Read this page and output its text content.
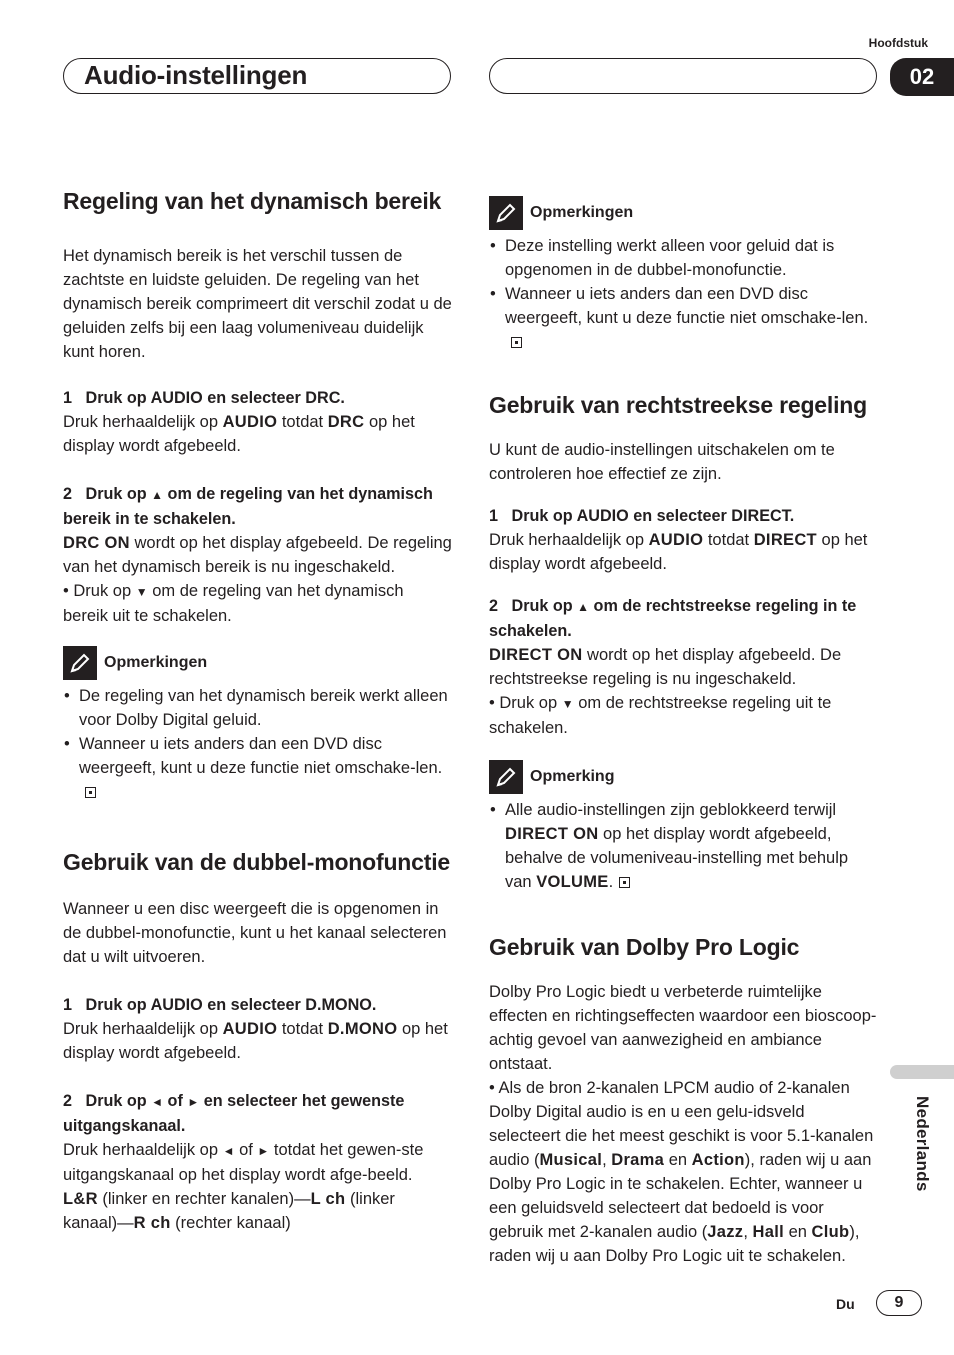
Hoofdstuk
Audio-instellingen	02
Regeling van het dynamisch bereik

Het dynamisch bereik is het verschil tussen de zachtste en luidste geluiden. De regeling van het dynamisch bereik comprimeert dit verschil zodat u de geluiden zelfs bij een laag volumeniveau duidelijk kunt horen.

1 Druk op AUDIO en selecteer DRC.

Druk herhaaldelijk op AUDIO totdat DRC op het display wordt afgebeeld.

2 Druk op ▲ om de regeling van het dynamisch bereik in te schakelen.

DRC ON wordt op het display afgebeeld. De regeling van het dynamisch bereik is nu ingeschakeld.

• Druk op ▼ om de regeling van het dynamisch bereik uit te schakelen.

Opmerkingen
• De regeling van het dynamisch bereik werkt alleen voor Dolby Digital geluid.
• Wanneer u iets anders dan een DVD disc weergeeft, kunt u deze functie niet omschake-len.
Gebruik van de dubbel-monofunctie

Wanneer u een disc weergeeft die is opgenomen in de dubbel-monofunctie, kunt u het kanaal selecteren dat u wilt uitvoeren.

1 Druk op AUDIO en selecteer D.MONO.

Druk herhaaldelijk op AUDIO totdat D.MONO op het display wordt afgebeeld.

2 Druk op ◄ of ► en selecteer het gewenste uitgangskanaal.

Druk herhaaldelijk op ◄ of ► totdat het gewen-ste uitgangskanaal op het display wordt afge-beeld.

L&R (linker en rechter kanalen)—L ch (linker kanaal)—R ch (rechter kanaal)

Opmerkingen
• Deze instelling werkt alleen voor geluid dat is opgenomen in de dubbel-monofunctie.
• Wanneer u iets anders dan een DVD disc weergeeft, kunt u deze functie niet omschake-len.
Gebruik van rechtstreekse regeling

U kunt de audio-instellingen uitschakelen om te controleren hoe effectief ze zijn.

1 Druk op AUDIO en selecteer DIRECT.

Druk herhaaldelijk op AUDIO totdat DIRECT op het display wordt afgebeeld.

2 Druk op ▲ om de rechtstreekse regeling in te schakelen.

DIRECT ON wordt op het display afgebeeld. De rechtstreekse regeling is nu ingeschakeld.

• Druk op ▼ om de rechtstreekse regeling uit te schakelen.

Opmerking
• Alle audio-instellingen zijn geblokkeerd terwijl DIRECT ON op het display wordt afgebeeld, behalve de volumeniveau-instelling met behulp van VOLUME.
Gebruik van Dolby Pro Logic

Dolby Pro Logic biedt u verbeterde ruimtelijke effecten en richtingseffecten waardoor een bioscoop-achtig gevoel van aanwezigheid en ambiance ontstaat.

• Als de bron 2-kanalen LPCM audio of 2-kanalen Dolby Digital audio is en u een gelu-idsveld selecteert die het meest geschikt is voor 5.1-kanalen audio (Musical, Drama en Action), raden wij u aan Dolby Pro Logic in te schakelen. Echter, wanneer u een geluidsveld selecteert dat bedoeld is voor gebruik met 2-kanalen audio (Jazz, Hall en Club), raden wij u aan Dolby Pro Logic uit te schakelen.

Nederlands
Du	9
